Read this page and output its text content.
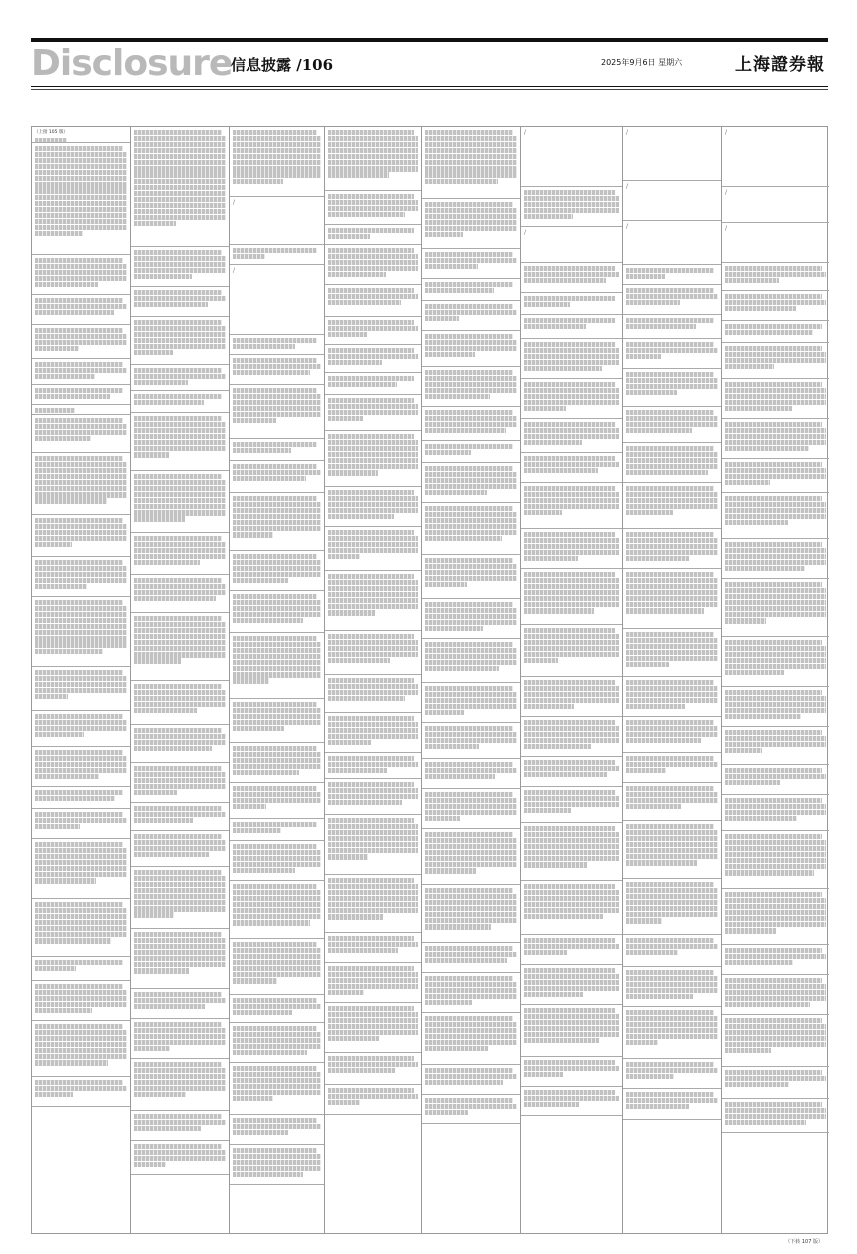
Disclosure
信息披露 /106	2025年9月6日 星期六	上海證券報
（上接 105 版）
/
/
/
/
/
/
/
/
/
/
（下转 107 版）
